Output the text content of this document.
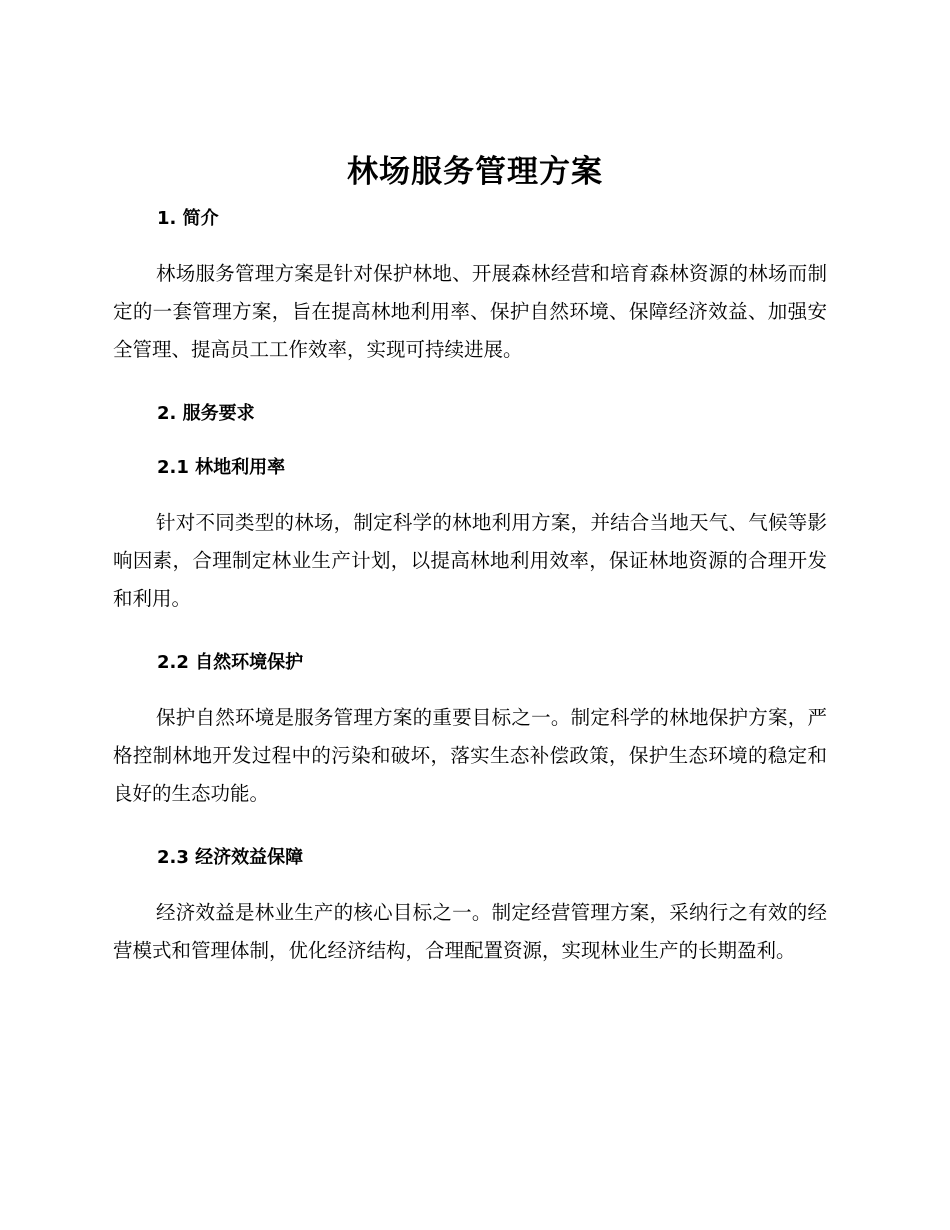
林场服务管理方案
1. 简介

林场服务管理方案是针对保护林地、开展森林经营和培育森林资源的林场而制定的一套管理方案，旨在提高林地利用率、保护自然环境、保障经济效益、加强安全管理、提高员工工作效率，实现可持续进展。

2. 服务要求
2.1 林地利用率

针对不同类型的林场，制定科学的林地利用方案，并结合当地天气、气候等影响因素，合理制定林业生产计划，以提高林地利用效率，保证林地资源的合理开发和利用。

2.2 自然环境保护

保护自然环境是服务管理方案的重要目标之一。制定科学的林地保护方案，严格控制林地开发过程中的污染和破坏，落实生态补偿政策，保护生态环境的稳定和良好的生态功能。

2.3 经济效益保障

经济效益是林业生产的核心目标之一。制定经营管理方案，采纳行之有效的经营模式和管理体制，优化经济结构，合理配置资源，实现林业生产的长期盈利。
